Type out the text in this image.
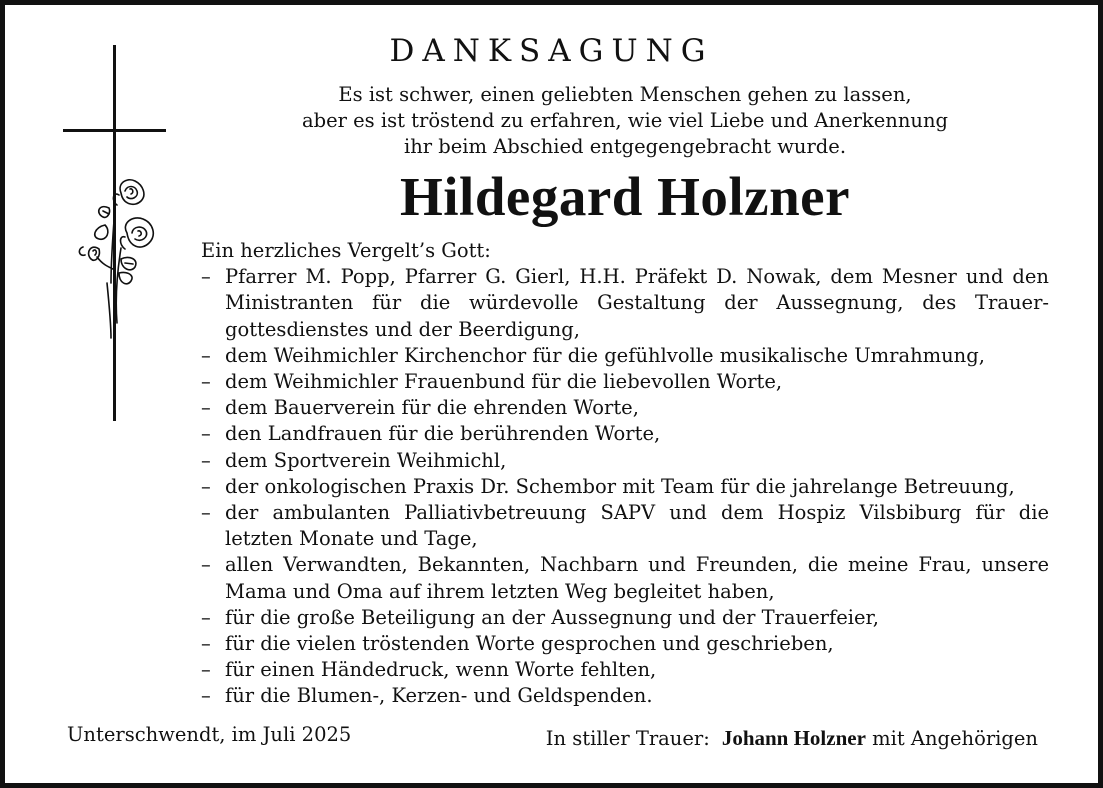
DANKSAGUNG
Es ist schwer, einen geliebten Menschen gehen zu lassen,
aber es ist tröstend zu erfahren, wie viel Liebe und Anerkennung
ihr beim Abschied entgegengebracht wurde.
Hildegard Holzner
Ein herzliches Vergelt’s Gott:
– Pfarrer M. Popp, Pfarrer G. Gierl, H.H. Präfekt D. Nowak, dem Mesner und den Ministranten für die würdevolle Gestaltung der Aussegnung, des Trauergottesdienstes und der Beerdigung,
– dem Weihmichler Kirchenchor für die gefühlvolle musikalische Umrahmung,
– dem Weihmichler Frauenbund für die liebevollen Worte,
– dem Bauerverein für die ehrenden Worte,
– den Landfrauen für die berührenden Worte,
– dem Sportverein Weihmichl,
– der onkologischen Praxis Dr. Schembor mit Team für die jahrelange Betreuung,
– der ambulanten Palliativbetreuung SAPV und dem Hospiz Vilsbiburg für die letzten Monate und Tage,
– allen Verwandten, Bekannten, Nachbarn und Freunden, die meine Frau, unsere Mama und Oma auf ihrem letzten Weg begleitet haben,
– für die große Beteiligung an der Aussegnung und der Trauerfeier,
– für die vielen tröstenden Worte gesprochen und geschrieben,
– für einen Händedruck, wenn Worte fehlten,
– für die Blumen-, Kerzen- und Geldspenden.
Unterschwendt, im Juli 2025	In stiller Trauer: Johann Holzner mit Angehörigen
